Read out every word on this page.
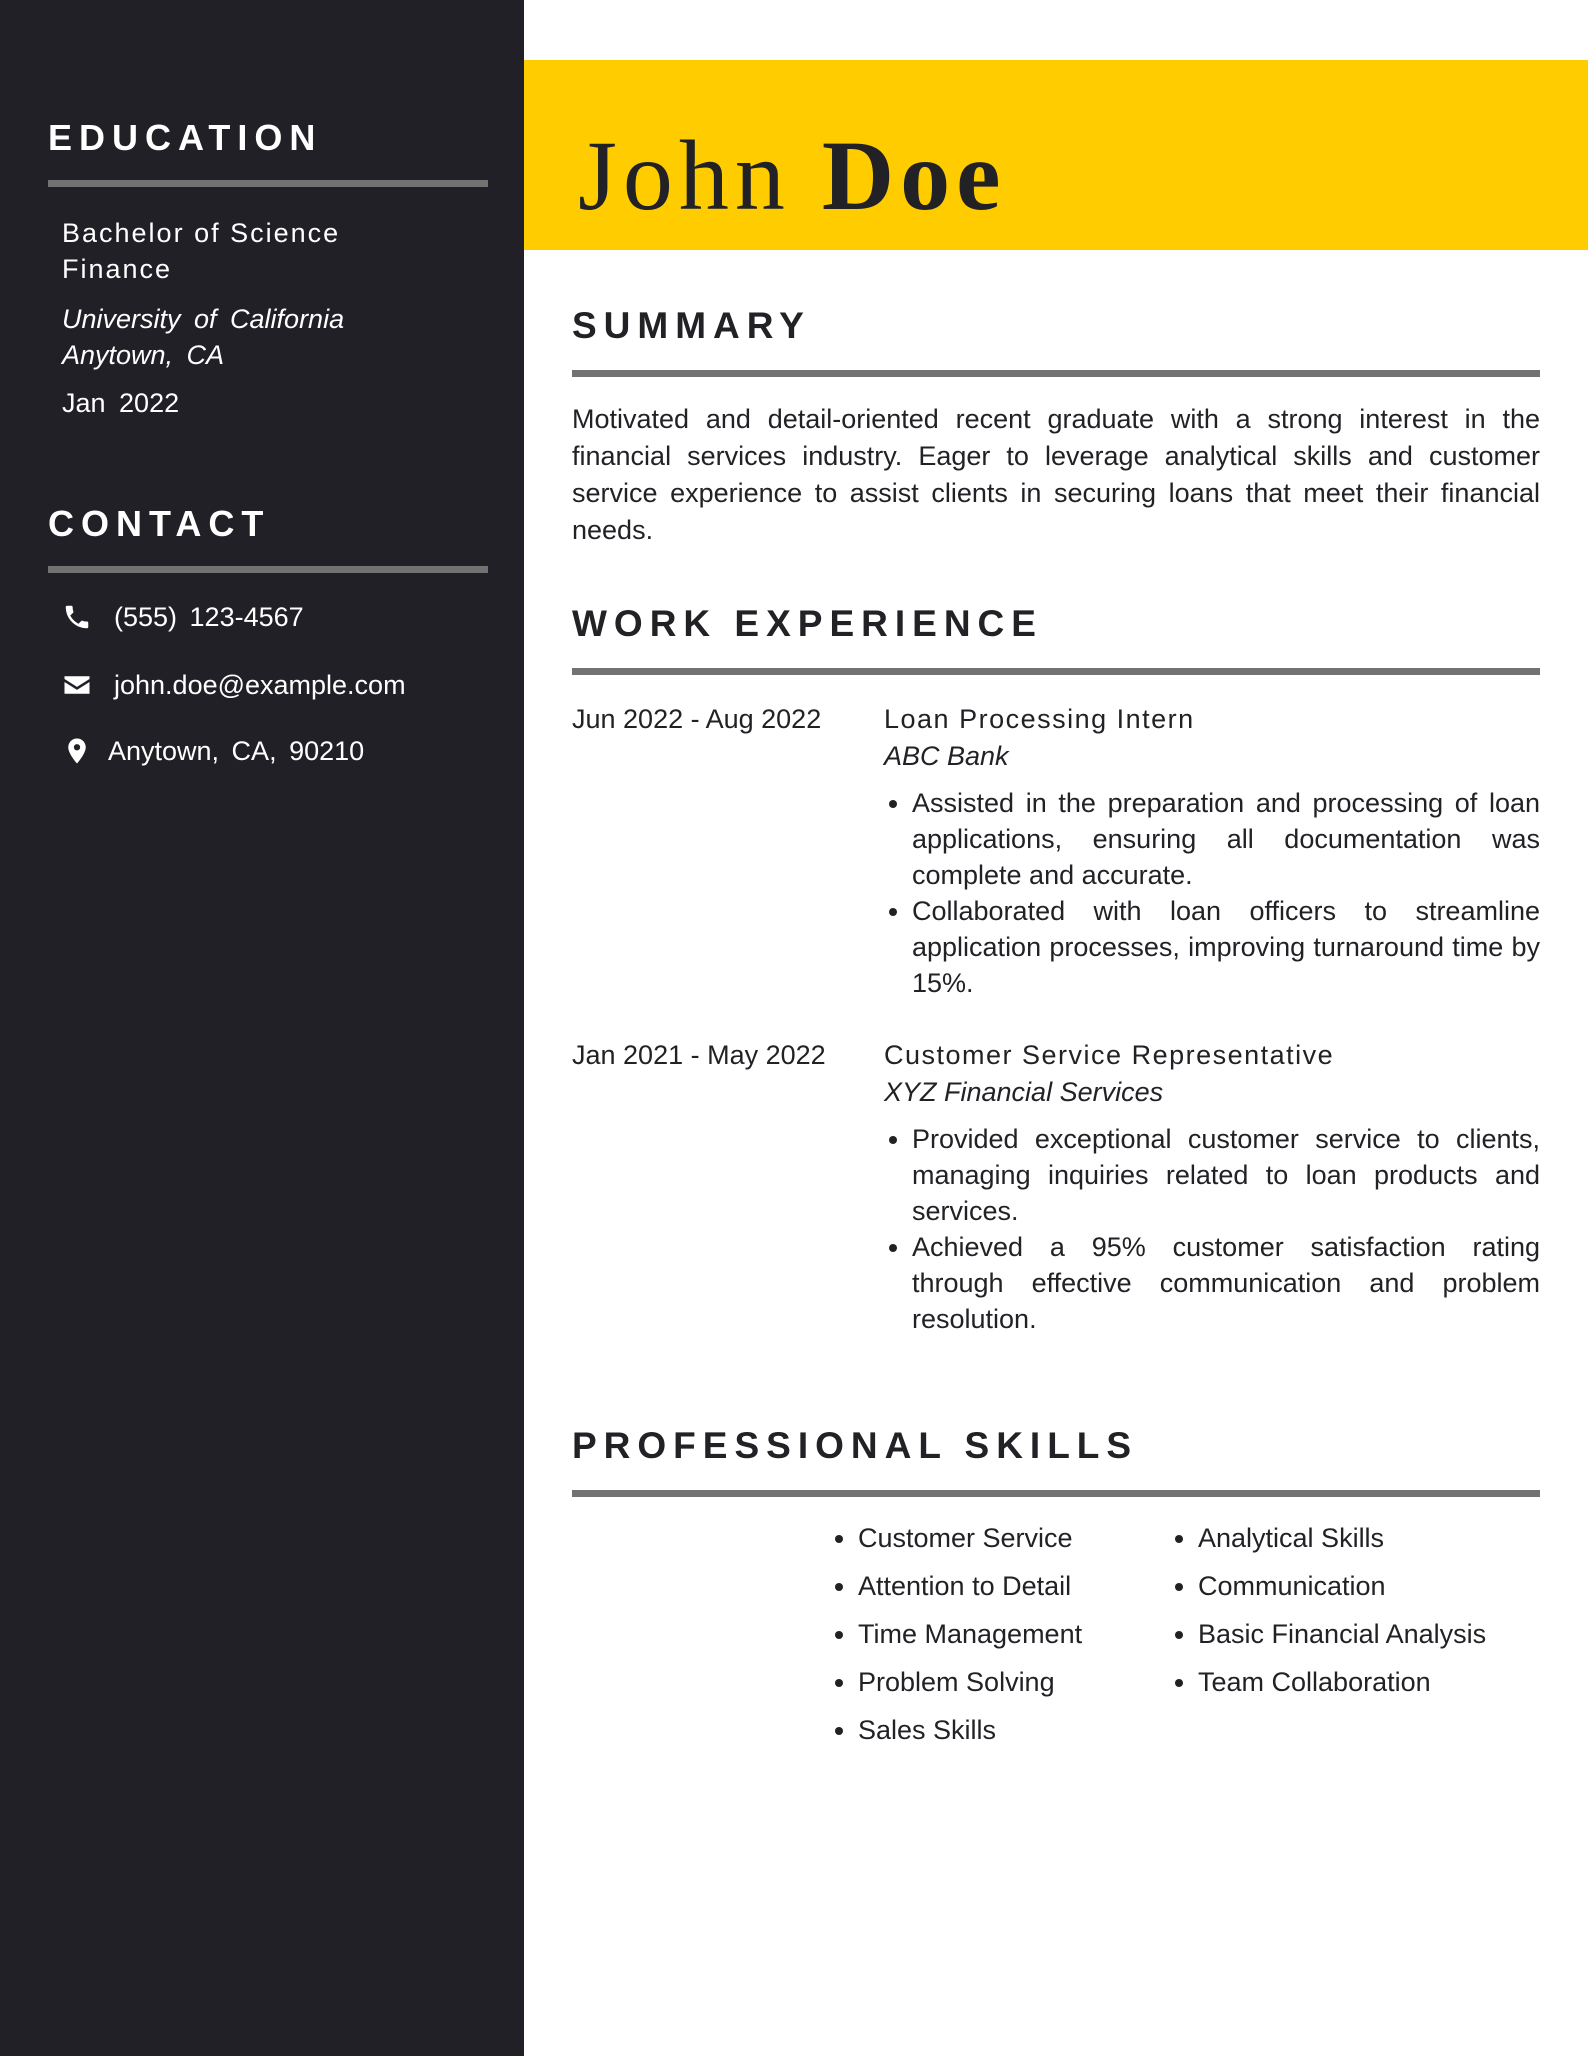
EDUCATION
Bachelor of Science
Finance
University of California
Anytown, CA
Jan 2022
CONTACT
(555) 123-4567
john.doe@example.com
Anytown, CA, 90210
John Doe
SUMMARY

Motivated and detail-oriented recent graduate with a strong interest in the financial services industry. Eager to leverage analytical skills and customer service experience to assist clients in securing loans that meet their financial needs.

WORK EXPERIENCE
Jun 2022 - Aug 2022 Loan Processing Intern
ABC Bank
• Assisted in the preparation and processing of loan applications, ensuring all documentation was complete and accurate.
• Collaborated with loan officers to streamline application processes, improving turnaround time by 15%.
Jan 2021 - May 2022 Customer Service Representative
XYZ Financial Services
• Provided exceptional customer service to clients, managing inquiries related to loan products and services.
• Achieved a 95% customer satisfaction rating through effective communication and problem resolution.
PROFESSIONAL SKILLS
• Customer Service
• Attention to Detail
• Time Management
• Problem Solving
• Sales Skills
• Analytical Skills
• Communication
• Basic Financial Analysis
• Team Collaboration
